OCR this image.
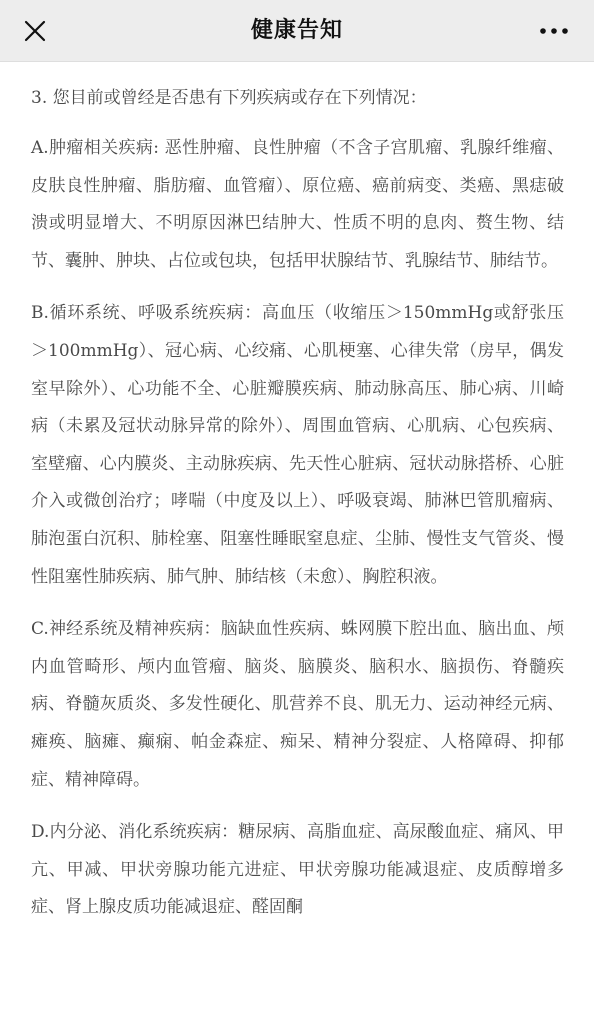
健康告知

3. 您目前或曾经是否患有下列疾病或存在下列情况：

A.肿瘤相关疾病: 恶性肿瘤、良性肿瘤（不含子宫肌瘤、乳腺纤维瘤、皮肤良性肿瘤、脂肪瘤、血管瘤）、原位癌、癌前病变、类癌、黑痣破溃或明显增大、不明原因淋巴结肿大、性质不明的息肉、赘生物、结节、囊肿、肿块、占位或包块，包括甲状腺结节、乳腺结节、肺结节。

B.循环系统、呼吸系统疾病：高血压（收缩压＞150mmHg或舒张压＞100mmHg）、冠心病、心绞痛、心肌梗塞、心律失常（房早，偶发室早除外）、心功能不全、心脏瓣膜疾病、肺动脉高压、肺心病、川崎病（未累及冠状动脉异常的除外）、周围血管病、心肌病、心包疾病、室壁瘤、心内膜炎、主动脉疾病、先天性心脏病、冠状动脉搭桥、心脏介入或微创治疗；哮喘（中度及以上）、呼吸衰竭、肺淋巴管肌瘤病、肺泡蛋白沉积、肺栓塞、阻塞性睡眠窒息症、尘肺、慢性支气管炎、慢性阻塞性肺疾病、肺气肿、肺结核（未愈）、胸腔积液。

C.神经系统及精神疾病：脑缺血性疾病、蛛网膜下腔出血、脑出血、颅内血管畸形、颅内血管瘤、脑炎、脑膜炎、脑积水、脑损伤、脊髓疾病、脊髓灰质炎、多发性硬化、肌营养不良、肌无力、运动神经元病、瘫痪、脑瘫、癫痫、帕金森症、痴呆、精神分裂症、人格障碍、抑郁症、精神障碍。

D.内分泌、消化系统疾病：糖尿病、高脂血症、高尿酸血症、痛风、甲亢、甲减、甲状旁腺功能亢进症、甲状旁腺功能减退症、皮质醇增多症、肾上腺皮质功能减退症、醛固酮
